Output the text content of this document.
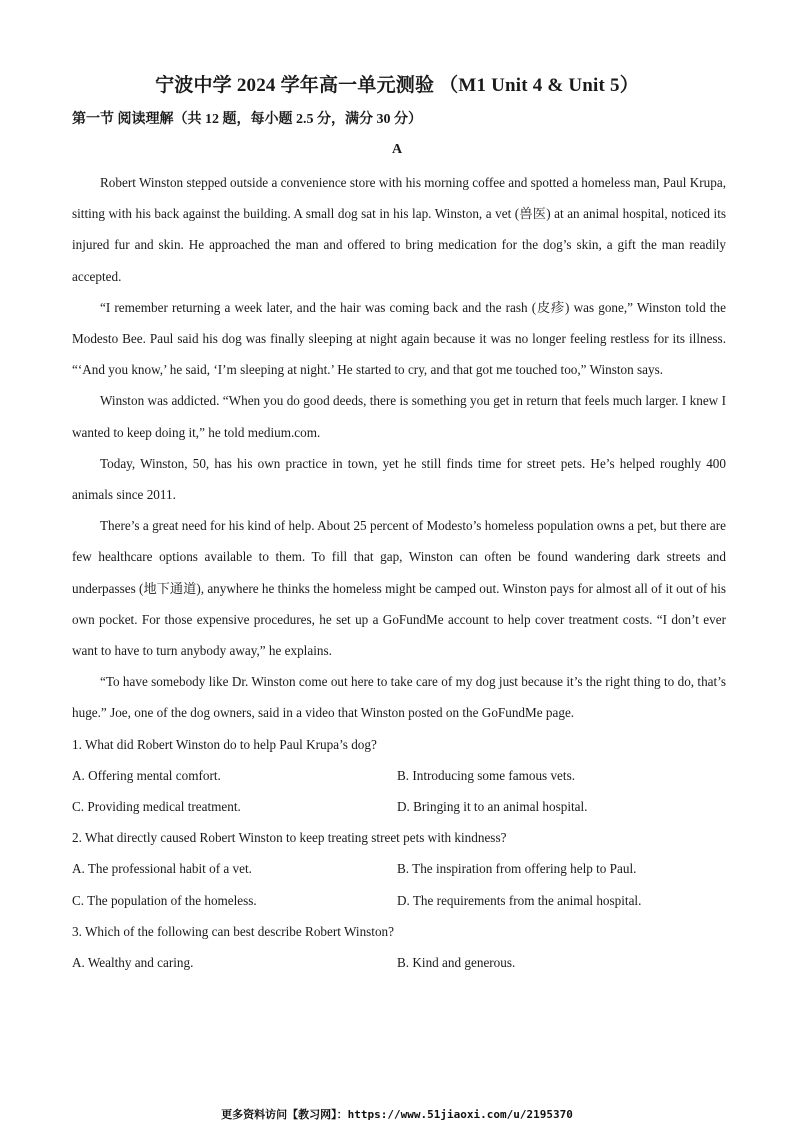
宁波中学 2024 学年高一单元测验 （M1 Unit 4 & Unit 5）
第一节 阅读理解（共 12 题，每小题 2.5 分，满分 30 分）
A

Robert Winston stepped outside a convenience store with his morning coffee and spotted a homeless man, Paul Krupa, sitting with his back against the building. A small dog sat in his lap. Winston, a vet (兽医) at an animal hospital, noticed its injured fur and skin. He approached the man and offered to bring medication for the dog’s skin, a gift the man readily accepted.

“I remember returning a week later, and the hair was coming back and the rash (皮疹) was gone,” Winston told the Modesto Bee. Paul said his dog was finally sleeping at night again because it was no longer feeling restless for its illness. “‘And you know,’ he said, ‘I’m sleeping at night.’ He started to cry, and that got me touched too,” Winston says.

Winston was addicted. “When you do good deeds, there is something you get in return that feels much larger. I knew I wanted to keep doing it,” he told medium.com.

Today, Winston, 50, has his own practice in town, yet he still finds time for street pets. He’s helped roughly 400 animals since 2011.

There’s a great need for his kind of help. About 25 percent of Modesto’s homeless population owns a pet, but there are few healthcare options available to them. To fill that gap, Winston can often be found wandering dark streets and underpasses (地下通道), anywhere he thinks the homeless might be camped out. Winston pays for almost all of it out of his own pocket. For those expensive procedures, he set up a GoFundMe account to help cover treatment costs. “I don’t ever want to have to turn anybody away,” he explains.

“To have somebody like Dr. Winston come out here to take care of my dog just because it’s the right thing to do, that’s huge.” Joe, one of the dog owners, said in a video that Winston posted on the GoFundMe page.

1. What did Robert Winston do to help Paul Krupa’s dog?

A. Offering mental comfort.	B. Introducing some famous vets.
C. Providing medical treatment.	D. Bringing it to an animal hospital.

2. What directly caused Robert Winston to keep treating street pets with kindness?

A. The professional habit of a vet.	B. The inspiration from offering help to Paul.
C. The population of the homeless.	D. The requirements from the animal hospital.

3. Which of the following can best describe Robert Winston?

A. Wealthy and caring.	B. Kind and generous.
更多资料访问【教习网】：https://www.51jiaoxi.com/u/2195370
